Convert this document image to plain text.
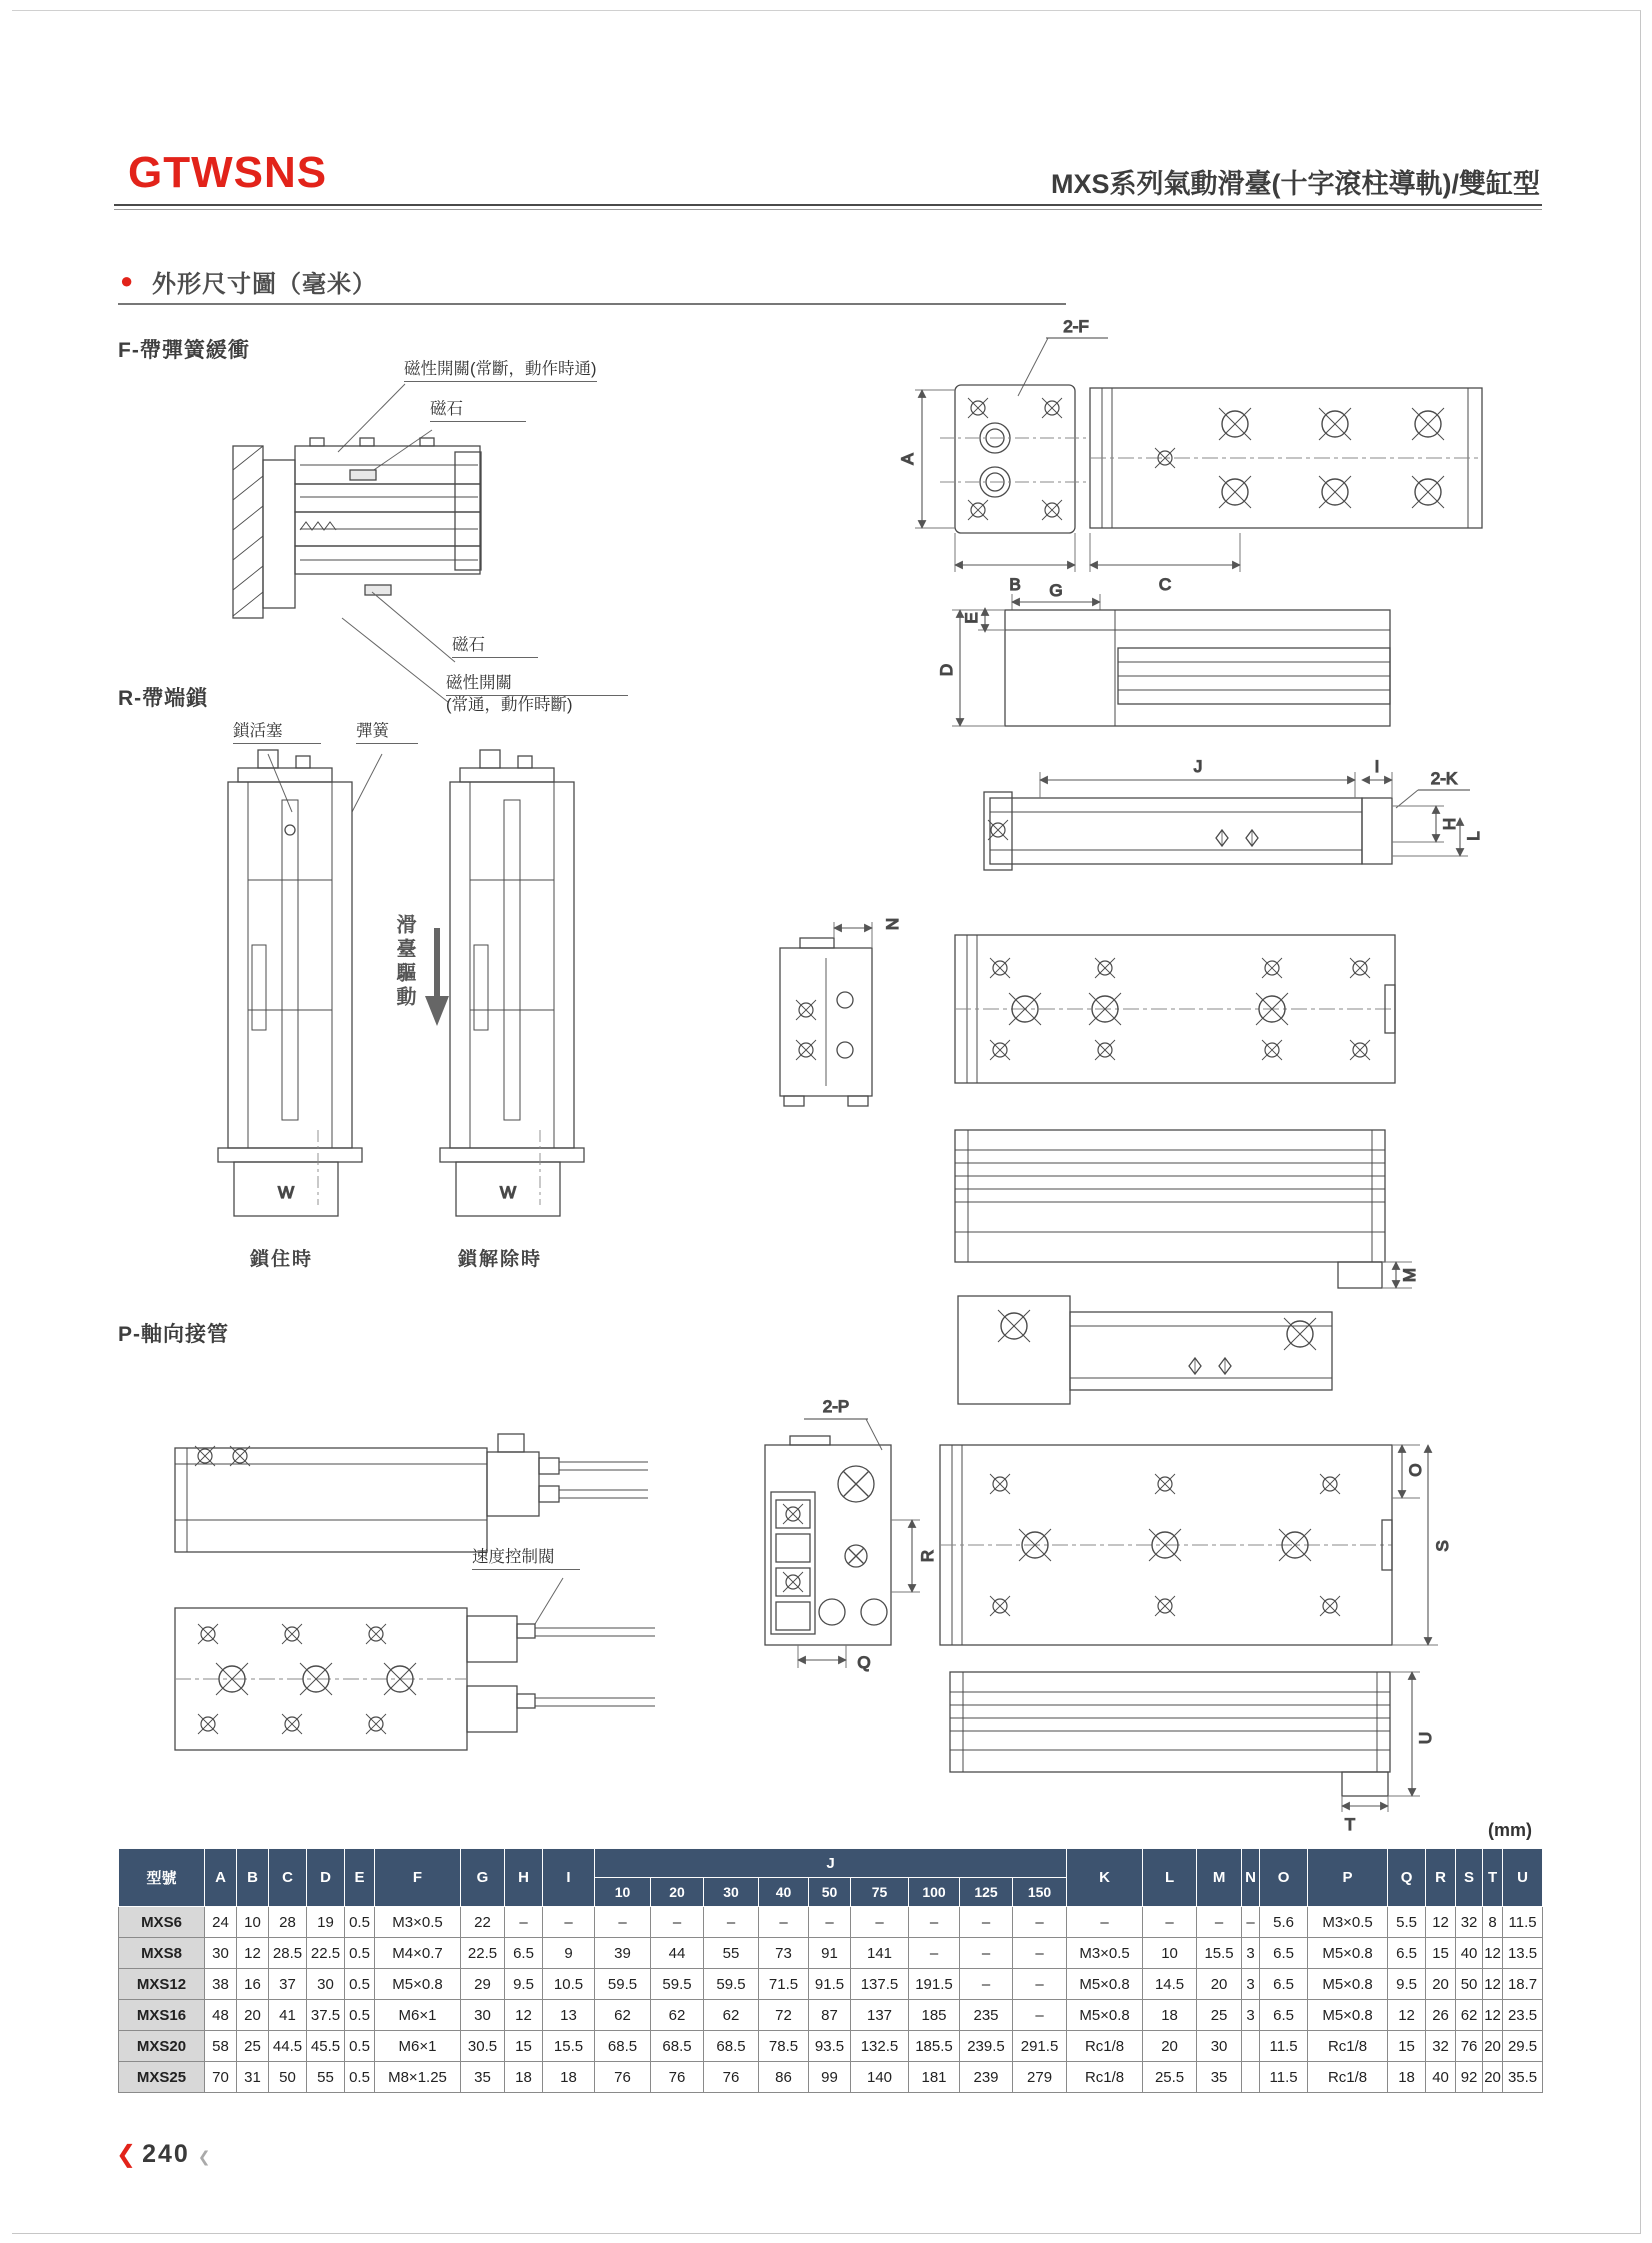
GTWSNS	MXS系列氣動滑臺(十字滾柱導軌)/雙缸型
● 外形尺寸圖（毫米）
F-帶彈簧緩衝
R-帶端鎖
P-軸向接管
2-F
A
B	C
G
E
D
J	I
2-K
H
L
N
M
W	W
2-P
R
Q
O
S
U
T
磁性開關(常斷，動作時通)
磁石
磁石
磁性開關
(常通，動作時斷)
鎖活塞	彈簧
滑臺驅動
鎖住時	鎖解除時
速度控制閥
(mm)
型號	A	B	C	D	E	F	G	H	I	J									K	L	M	N	O	P	Q	R	S	T	U
										10	20	30	40	50	75	100	125	150											
MXS6	24	10	28	19	0.5	M3×0.5	22	–	–	–	–	–	–	–	–	–	–	–	–	–	–	–	5.6	M3×0.5	5.5	12	32	8	11.5
MXS8	30	12	28.5	22.5	0.5	M4×0.7	22.5	6.5	9	39	44	55	73	91	141	–	–	–	M3×0.5	10	15.5	3	6.5	M5×0.8	6.5	15	40	12	13.5
MXS12	38	16	37	30	0.5	M5×0.8	29	9.5	10.5	59.5	59.5	59.5	71.5	91.5	137.5	191.5	–	–	M5×0.8	14.5	20	3	6.5	M5×0.8	9.5	20	50	12	18.7
MXS16	48	20	41	37.5	0.5	M6×1	30	12	13	62	62	62	72	87	137	185	235	–	M5×0.8	18	25	3	6.5	M5×0.8	12	26	62	12	23.5
MXS20	58	25	44.5	45.5	0.5	M6×1	30.5	15	15.5	68.5	68.5	68.5	78.5	93.5	132.5	185.5	239.5	291.5	Rc1/8	20	30		11.5	Rc1/8	15	32	76	20	29.5
MXS25	70	31	50	55	0.5	M8×1.25	35	18	18	76	76	76	86	99	140	181	239	279	Rc1/8	25.5	35		11.5	Rc1/8	18	40	92	20	35.5
❮ 240 ❮
